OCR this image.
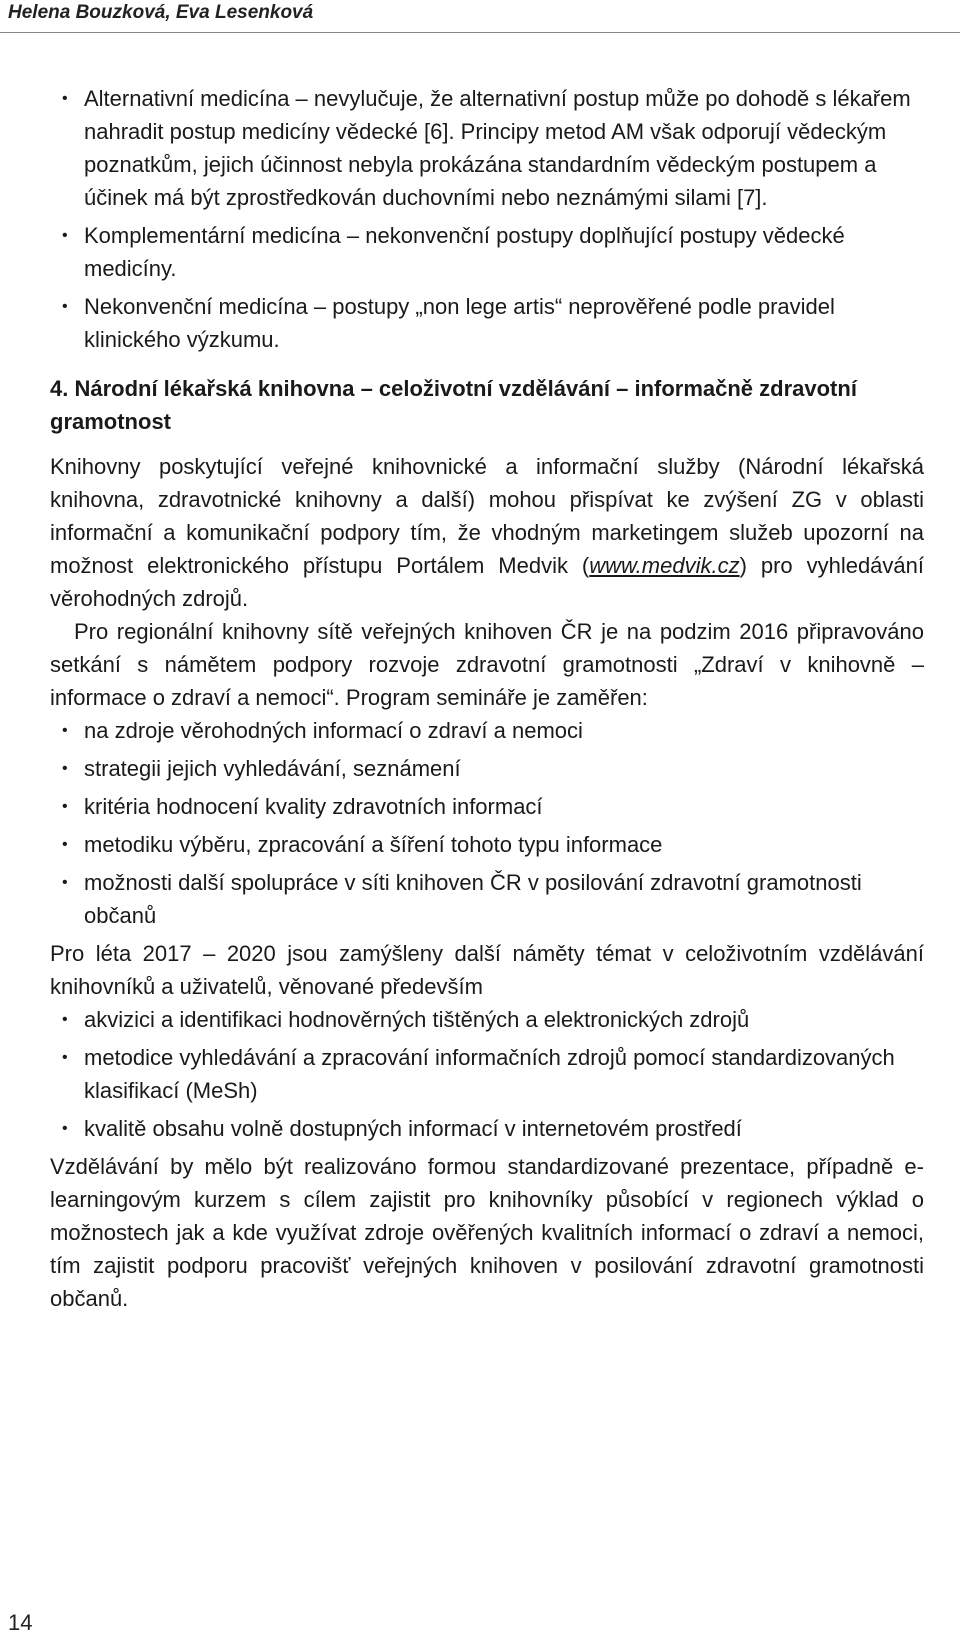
Helena Bouzková, Eva Lesenková
• Alternativní medicína – nevylučuje, že alternativní postup může po dohodě s lékařem nahradit postup medicíny vědecké [6]. Principy metod AM však odporují vědeckým poznatkům, jejich účinnost nebyla prokázána standardním vědeckým postupem a účinek má být zprostředkován duchovními nebo neznámými silami [7].
• Komplementární medicína – nekonvenční postupy doplňující postupy vědecké medicíny.
• Nekonvenční medicína – postupy „non lege artis“ neprověřené podle pravidel klinického výzkumu.
4. Národní lékařská knihovna – celoživotní vzdělávání – informačně zdravotní gramotnost

Knihovny poskytující veřejné knihovnické a informační služby (Národní lékařská knihovna, zdravotnické knihovny a další) mohou přispívat ke zvýšení ZG v oblasti informační a komunikační podpory tím, že vhodným marketingem služeb upozorní na možnost elektronického přístupu Portálem Medvik (www.medvik.cz) pro vyhledávání věrohodných zdrojů.

Pro regionální knihovny sítě veřejných knihoven ČR je na podzim 2016 připravováno setkání s námětem podpory rozvoje zdravotní gramotnosti „Zdraví v knihovně – informace o zdraví a nemoci“. Program semináře je zaměřen:

• na zdroje věrohodných informací o zdraví a nemoci
• strategii jejich vyhledávání, seznámení
• kritéria hodnocení kvality zdravotních informací
• metodiku výběru, zpracování a šíření tohoto typu informace
• možnosti další spolupráce v síti knihoven ČR v posilování zdravotní gramotnosti občanů

Pro léta 2017 – 2020 jsou zamýšleny další náměty témat v celoživotním vzdělávání knihovníků a uživatelů, věnované především

• akvizici a identifikaci hodnověrných tištěných a elektronických zdrojů
• metodice vyhledávání a zpracování informačních zdrojů pomocí standardizovaných klasifikací (MeSh)
• kvalitě obsahu volně dostupných informací v internetovém prostředí

Vzdělávání by mělo být realizováno formou standardizované prezentace, případně e-learningovým kurzem s cílem zajistit pro knihovníky působící v regionech výklad o možnostech jak a kde využívat zdroje ověřených kvalitních informací o zdraví a nemoci, tím zajistit podporu pracovišť veřejných knihoven v posilování zdravotní gramotnosti občanů.

14
